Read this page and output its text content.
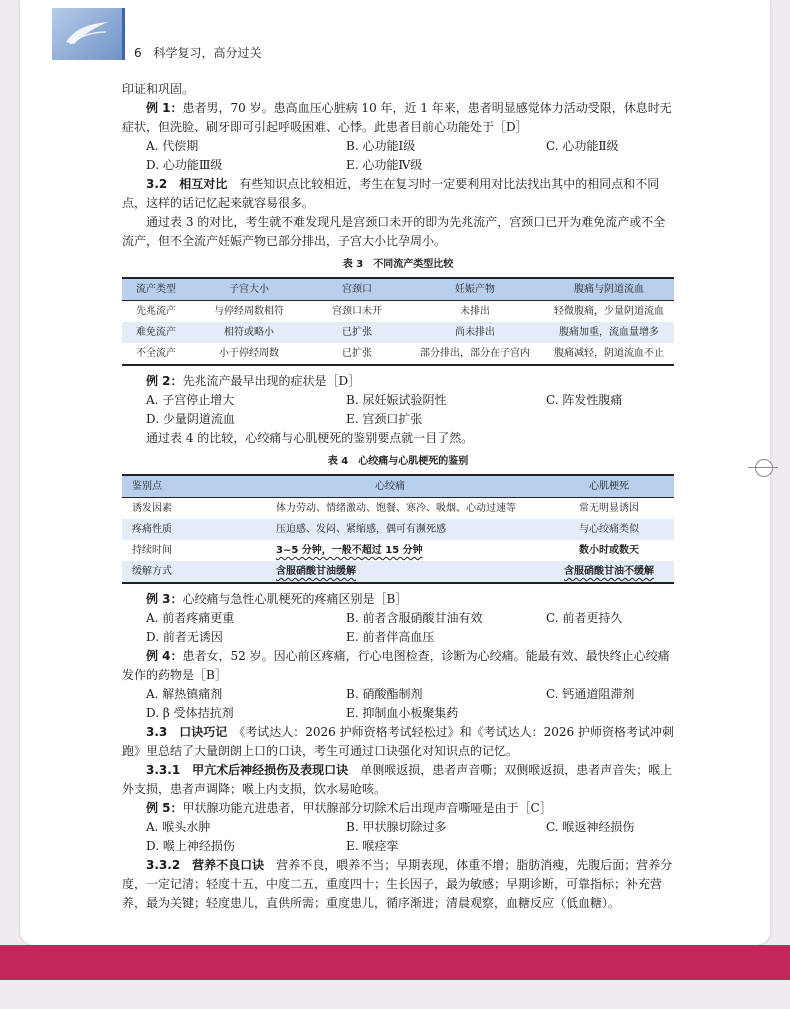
6 科学复习，高分过关

印证和巩固。

例 1：患者男，70 岁。患高血压心脏病 10 年，近 1 年来，患者明显感觉体力活动受限，休息时无症状，但洗脸、刷牙即可引起呼吸困难、心悸。此患者目前心功能处于［D］

A. 代偿期	B. 心功能Ⅰ级	C. 心功能Ⅱ级
D. 心功能Ⅲ级	E. 心功能Ⅳ级

3.2　相互对比　 有些知识点比较相近，考生在复习时一定要利用对比法找出其中的相同点和不同点，这样的话记忆起来就容易很多。

通过表 3 的对比，考生就不难发现凡是宫颈口未开的即为先兆流产，宫颈口已开为难免流产或不全流产，但不全流产妊娠产物已部分排出，子宫大小比孕周小。

表 3　不同流产类型比较
流产类型	子宫大小	宫颈口	妊娠产物	腹痛与阴道流血
先兆流产	与停经周数相符	宫颈口未开	未排出	轻微腹痛，少量阴道流血
难免流产	相符或略小	已扩张	尚未排出	腹痛加重，流血量增多
不全流产	小于停经周数	已扩张	部分排出，部分在子宫内	腹痛减轻，阴道流血不止

例 2：先兆流产最早出现的症状是［D］

A. 子宫停止增大	B. 尿妊娠试验阴性	C. 阵发性腹痛
D. 少量阴道流血	E. 宫颈口扩张

通过表 4 的比较，心绞痛与心肌梗死的鉴别要点就一目了然。

表 4　心绞痛与心肌梗死的鉴别
鉴别点	心绞痛	心肌梗死
诱发因素	体力劳动、情绪激动、饱餐、寒冷、吸烟、心动过速等	常无明显诱因
疼痛性质	压迫感、发闷、紧缩感，偶可有濒死感	与心绞痛类似
持续时间	3~5 分钟，一般不超过 15 分钟	数小时或数天
缓解方式	含服硝酸甘油缓解	含服硝酸甘油不缓解

例 3：心绞痛与急性心肌梗死的疼痛区别是［B］

A. 前者疼痛更重	B. 前者含服硝酸甘油有效	C. 前者更持久
D. 前者无诱因	E. 前者伴高血压

例 4：患者女，52 岁。因心前区疼痛，行心电图检查，诊断为心绞痛。能最有效、最快终止心绞痛发作的药物是［B］

A. 解热镇痛剂	B. 硝酸酯制剂	C. 钙通道阻滞剂
D. β 受体拮抗剂	E. 抑制血小板聚集药

3.3　口诀巧记　 《考试达人：2026 护师资格考试轻松过》和《考试达人：2026 护师资格考试冲刺跑》里总结了大量朗朗上口的口诀，考生可通过口诀强化对知识点的记忆。

3.3.1　甲亢术后神经损伤及表现口诀　 单侧喉返损，患者声音嘶；双侧喉返损，患者声音失；喉上外支损，患者声调降；喉上内支损，饮水易呛咳。

例 5：甲状腺功能亢进患者，甲状腺部分切除术后出现声音嘶哑是由于［C］

A. 喉头水肿	B. 甲状腺切除过多	C. 喉返神经损伤
D. 喉上神经损伤	E. 喉痉挛

3.3.2　营养不良口诀　 营养不良，喂养不当；早期表现，体重不增；脂肪消瘦，先腹后面；营养分度，一定记清；轻度十五，中度二五，重度四十；生长因子，最为敏感；早期诊断，可靠指标；补充营养，最为关键；轻度患儿，直供所需；重度患儿，循序渐进；清晨观察，血糖反应（低血糖）。
